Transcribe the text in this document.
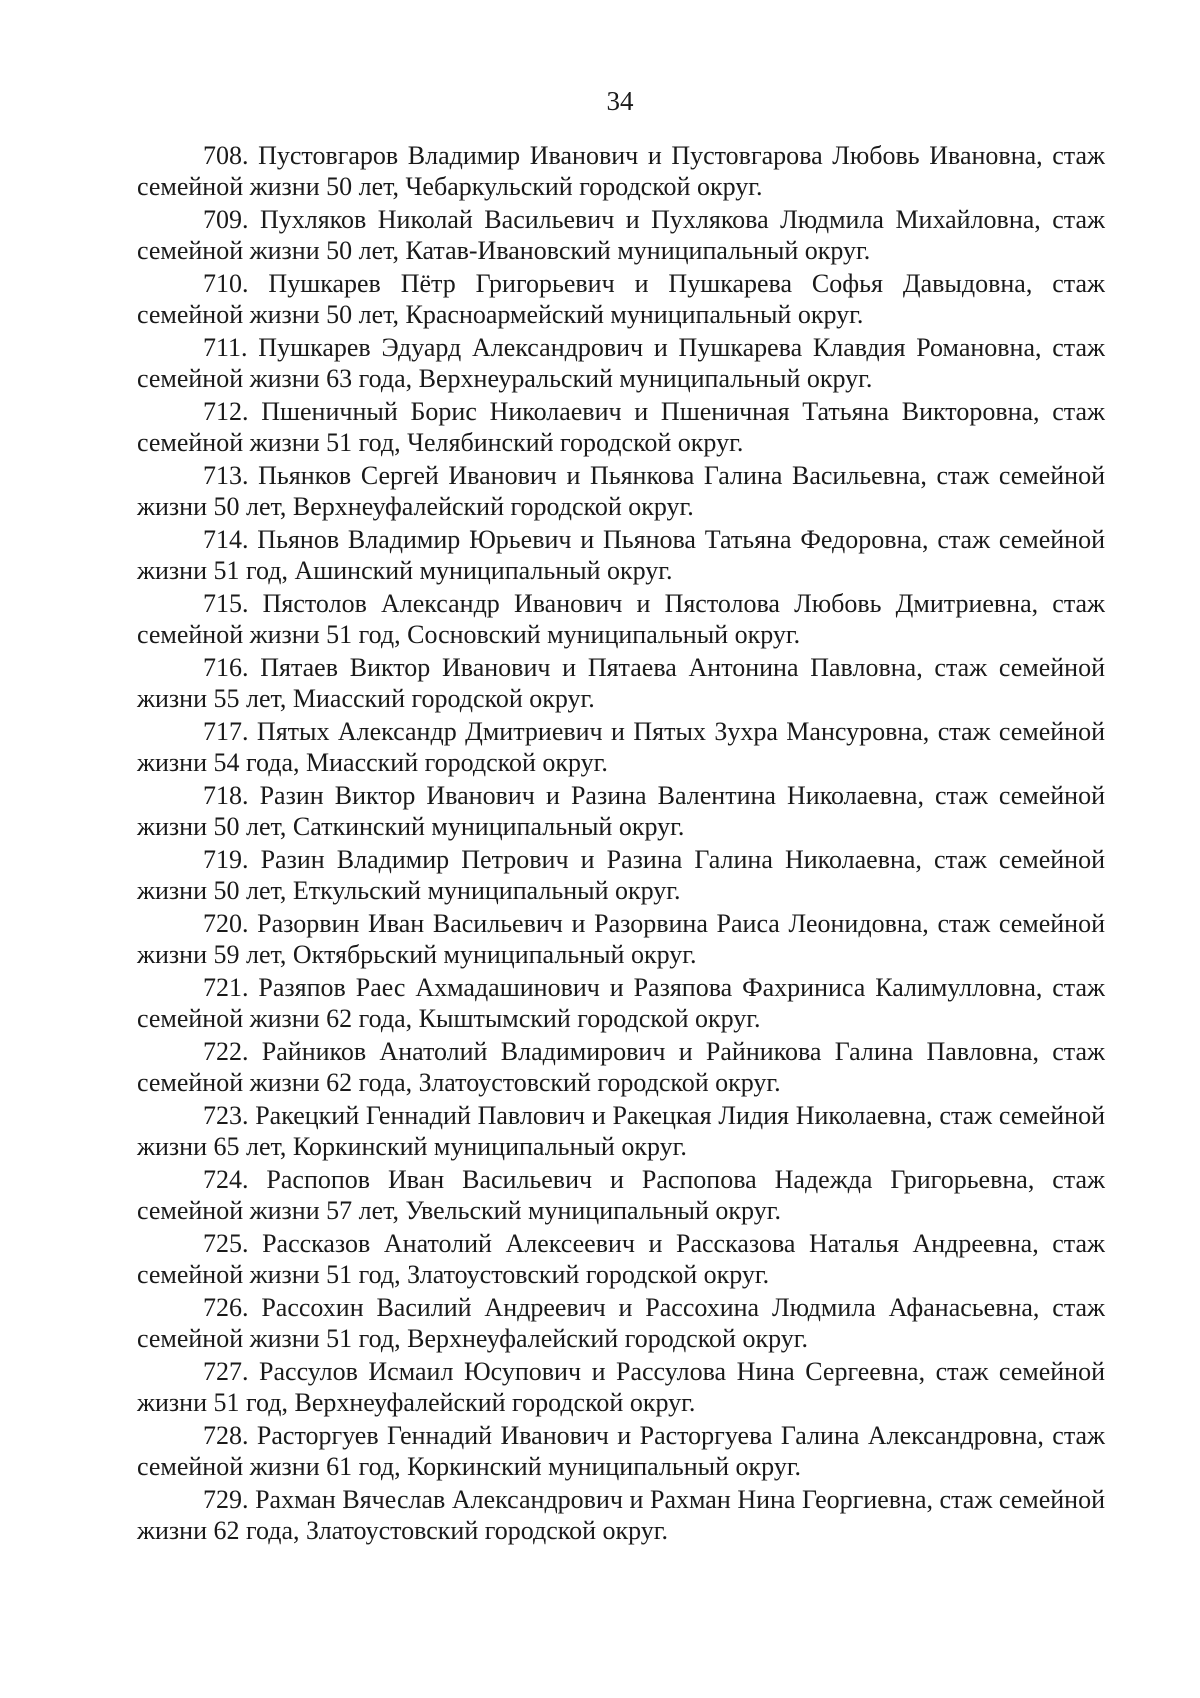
34

708. Пустовгаров Владимир Иванович и Пустовгарова Любовь Ивановна, стаж семейной жизни 50 лет, Чебаркульский городской округ.

709. Пухляков Николай Васильевич и Пухлякова Людмила Михайловна, стаж семейной жизни 50 лет, Катав-Ивановский муниципальный округ.

710. Пушкарев Пётр Григорьевич и Пушкарева Софья Давыдовна, стаж семейной жизни 50 лет, Красноармейский муниципальный округ.

711. Пушкарев Эдуард Александрович и Пушкарева Клавдия Романовна, стаж семейной жизни 63 года, Верхнеуральский муниципальный округ.

712. Пшеничный Борис Николаевич и Пшеничная Татьяна Викторовна, стаж семейной жизни 51 год, Челябинский городской округ.

713. Пьянков Сергей Иванович и Пьянкова Галина Васильевна, стаж семейной жизни 50 лет, Верхнеуфалейский городской округ.

714. Пьянов Владимир Юрьевич и Пьянова Татьяна Федоровна, стаж семейной жизни 51 год, Ашинский муниципальный округ.

715. Пястолов Александр Иванович и Пястолова Любовь Дмитриевна, стаж семейной жизни 51 год, Сосновский муниципальный округ.

716. Пятаев Виктор Иванович и Пятаева Антонина Павловна, стаж семейной жизни 55 лет, Миасский городской округ.

717. Пятых Александр Дмитриевич и Пятых Зухра Мансуровна, стаж семейной жизни 54 года, Миасский городской округ.

718. Разин Виктор Иванович и Разина Валентина Николаевна, стаж семейной жизни 50 лет, Саткинский муниципальный округ.

719. Разин Владимир Петрович и Разина Галина Николаевна, стаж семейной жизни 50 лет, Еткульский муниципальный округ.

720. Разорвин Иван Васильевич и Разорвина Раиса Леонидовна, стаж семейной жизни 59 лет, Октябрьский муниципальный округ.

721. Разяпов Раес Ахмадашинович и Разяпова Фахриниса Калимулловна, стаж семейной жизни 62 года, Кыштымский городской округ.

722. Райников Анатолий Владимирович и Райникова Галина Павловна, стаж семейной жизни 62 года, Златоустовский городской округ.

723. Ракецкий Геннадий Павлович и Ракецкая Лидия Николаевна, стаж семейной жизни 65 лет, Коркинский муниципальный округ.

724. Распопов Иван Васильевич и Распопова Надежда Григорьевна, стаж семейной жизни 57 лет, Увельский муниципальный округ.

725. Рассказов Анатолий Алексеевич и Рассказова Наталья Андреевна, стаж семейной жизни 51 год, Златоустовский городской округ.

726. Рассохин Василий Андреевич и Рассохина Людмила Афанасьевна, стаж семейной жизни 51 год, Верхнеуфалейский городской округ.

727. Рассулов Исмаил Юсупович и Рассулова Нина Сергеевна, стаж семейной жизни 51 год, Верхнеуфалейский городской округ.

728. Расторгуев Геннадий Иванович и Расторгуева Галина Александровна, стаж семейной жизни 61 год, Коркинский муниципальный округ.

729. Рахман Вячеслав Александрович и Рахман Нина Георгиевна, стаж семейной жизни 62 года, Златоустовский городской округ.
